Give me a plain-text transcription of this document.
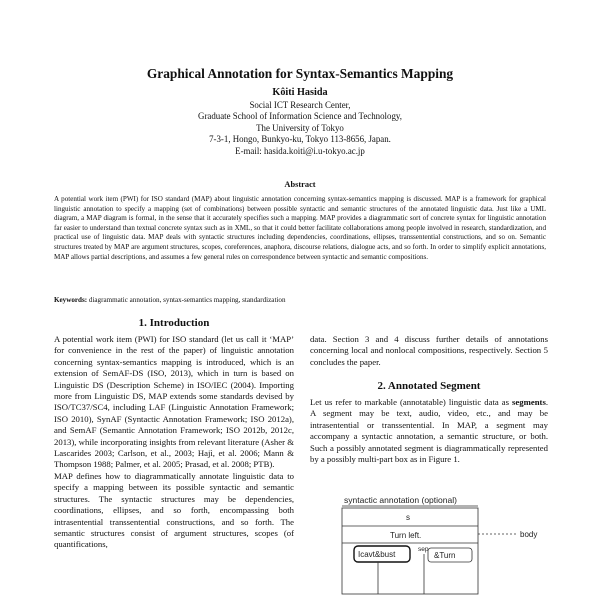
Graphical Annotation for Syntax-Semantics Mapping
Kôiti Hasida
Social ICT Research Center,
Graduate School of Information Science and Technology,
The University of Tokyo
7-3-1, Hongo, Bunkyo-ku, Tokyo 113-8656, Japan.
E-mail: hasida.koiti@i.u-tokyo.ac.jp
Abstract
A potential work item (PWI) for ISO standard (MAP) about linguistic annotation concerning syntax-semantics mapping is discussed. MAP is a framework for graphical linguistic annotation to specify a mapping (set of combinations) between possible syntactic and semantic structures of the annotated linguistic data. Just like a UML diagram, a MAP diagram is formal, in the sense that it accurately specifies such a mapping. MAP provides a diagrammatic sort of concrete syntax for linguistic annotation far easier to understand than textual concrete syntax such as in XML, so that it could better facilitate collaborations among people involved in research, standardization, and practical use of linguistic data. MAP deals with syntactic structures including dependencies, coordinations, ellipses, transsentential constructions, and so on. Semantic structures treated by MAP are argument structures, scopes, coreferences, anaphora, discourse relations, dialogue acts, and so forth. In order to simplify explicit annotations, MAP allows partial descriptions, and assumes a few general rules on correspondence between syntactic and semantic compositions.
Keywords: diagrammatic annotation, syntax-semantics mapping, standardization
1. Introduction

A potential work item (PWI) for ISO standard (let us call it ‘MAP’ for convenience in the rest of the paper) of linguistic annotation concerning syntax-semantics mapping is introduced, which is an extension of SemAF-DS (ISO, 2013), which in turn is based on Linguistic DS (Description Scheme) in ISO/IEC (2004). Importing more from Linguistic DS, MAP extends some standards devised by ISO/TC37/SC4, including LAF (Linguistic Annotation Framework; ISO 2010), SynAF (Syntactic Annotation Framework; ISO 2012a), and SemAF (Semantic Annotation Framework; ISO 2012b, 2012c, 2013), while incorporating insights from relevant literature (Asher & Lascarides 2003; Carlson, et al., 2003; Hajì, et al. 2006; Mann & Thompson 1988; Palmer, et al. 2005; Prasad, et al. 2008; PTB).

MAP defines how to diagrammatically annotate linguistic data to specify a mapping between its possible syntactic and semantic structures. The syntactic structures may be dependencies, coordinations, ellipses, and so forth, encompassing both intrasentential transsentential constructions, and so forth. The semantic structures consist of argument structures, scopes (of quantifications,

data. Section 3 and 4 discuss further details of annotations concerning local and nonlocal compositions, respectively. Section 5 concludes the paper.

2. Annotated Segment

Let us refer to markable (annotatable) linguistic data as segments. A segment may be text, audio, video, etc., and may be intrasentential or transsentential. In MAP, a segment may accompany a syntactic annotation, a semantic structure, or both. Such a possibly annotated segment is diagrammatically represented by a possibly multi-part box as in Figure 1.

syntactic annotation (optional)
s
Turn left.	body
Icavt&bust
sep
&Turn
